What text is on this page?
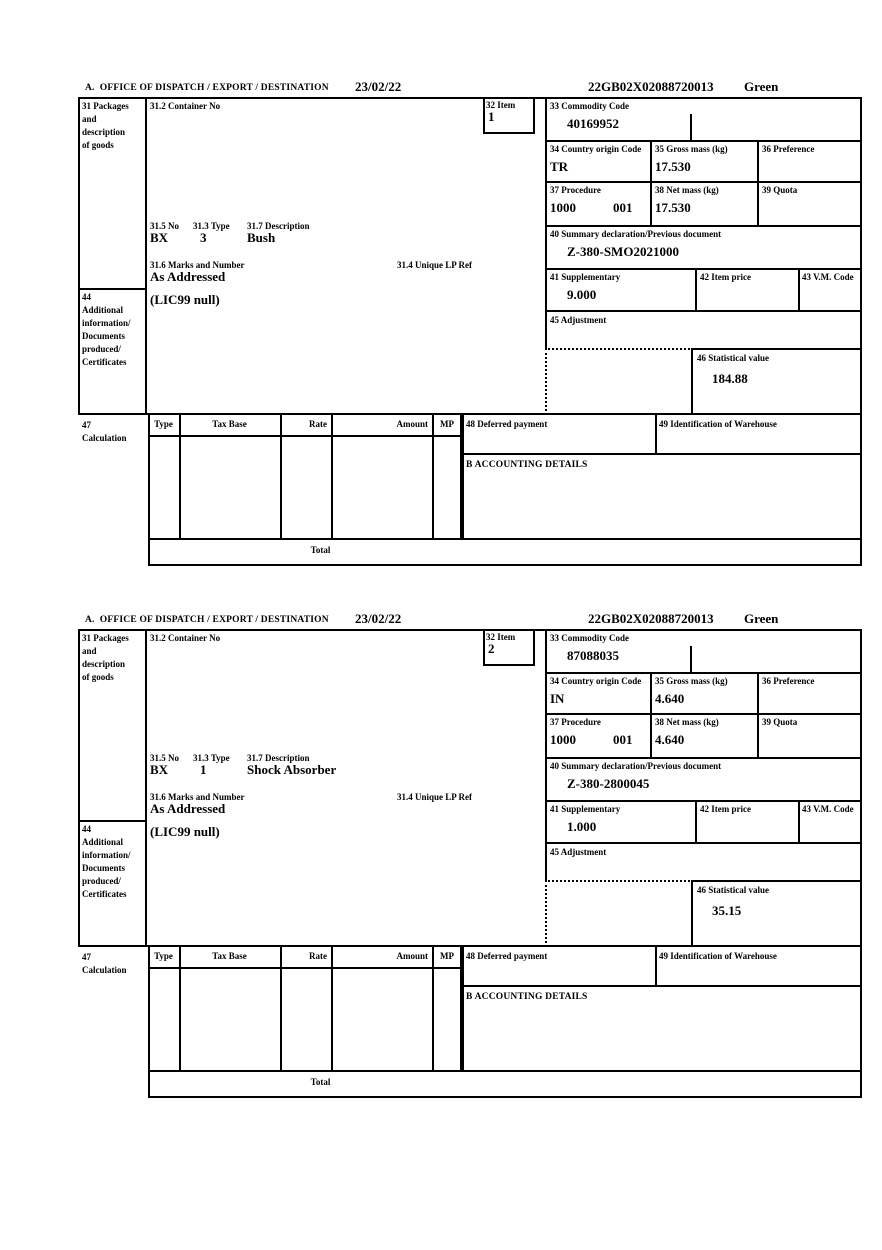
A.  OFFICE OF DISPATCH / EXPORT / DESTINATION 23/02/22	22GB02X02088720013 Green
31 Packages
and
description
of goods
44
Additional
information/
Documents
produced/
Certificates
47
Calculation
31.2 Container No	32 Item
1
31.5 No 31.3 Type 31.7 Description
BX 3	Bush
31.6 Marks and Number	31.4 Unique LP Ref
As Addressed
(LIC99 null)
33 Commodity Code
40169952
34 Country origin Code
TR
35 Gross mass (kg)
17.530
36 Preference
37 Procedure
1000	001
38 Net mass (kg)
17.530
39 Quota
40 Summary declaration/Previous document
Z-380-SMO2021000
41 Supplementary
9.000
42 Item price	43 V.M. Code
45 Adjustment
46 Statistical value
184.88
Type	Tax Base	Rate	Amount	MP
Total
48 Deferred payment	49 Identification of Warehouse
B ACCOUNTING DETAILS
A.  OFFICE OF DISPATCH / EXPORT / DESTINATION 23/02/22	22GB02X02088720013 Green
31 Packages
and
description
of goods
44
Additional
information/
Documents
produced/
Certificates
47
Calculation
31.2 Container No	32 Item
2
31.5 No 31.3 Type 31.7 Description
BX 1	Shock Absorber
31.6 Marks and Number	31.4 Unique LP Ref
As Addressed
(LIC99 null)
33 Commodity Code
87088035
34 Country origin Code
IN
35 Gross mass (kg)
4.640
36 Preference
37 Procedure
1000	001
38 Net mass (kg)
4.640
39 Quota
40 Summary declaration/Previous document
Z-380-2800045
41 Supplementary
1.000
42 Item price	43 V.M. Code
45 Adjustment
46 Statistical value
35.15
Type	Tax Base	Rate	Amount	MP
Total
48 Deferred payment	49 Identification of Warehouse
B ACCOUNTING DETAILS
